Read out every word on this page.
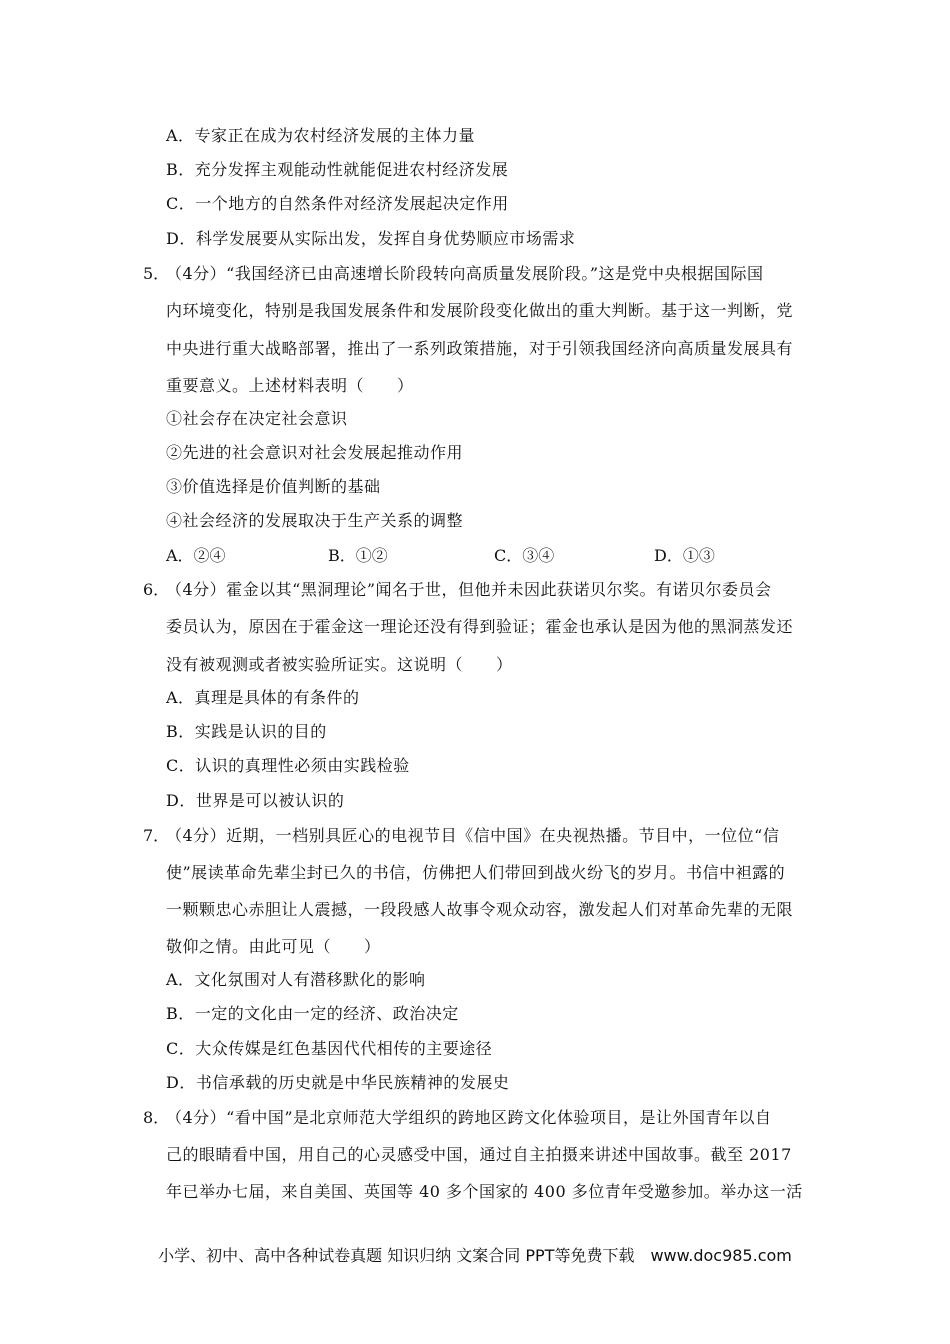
A．专家正在成为农村经济发展的主体力量
B．充分发挥主观能动性就能促进农村经济发展
C．一个地方的自然条件对经济发展起决定作用
D．科学发展要从实际出发，发挥自身优势顺应市场需求
5．
（4分）“我国经济已由高速增长阶段转向高质量发展阶段。”这是党中央根据国际国
内环境变化，特别是我国发展条件和发展阶段变化做出的重大判断。基于这一判断，党
中央进行重大战略部署，推出了一系列政策措施，对于引领我国经济向高质量发展具有
重要意义。上述材料表明（　　）
①社会存在决定社会意识
②先进的社会意识对社会发展起推动作用
③价值选择是价值判断的基础
④社会经济的发展取决于生产关系的调整
A．②④	B．①②	C．③④	D．①③
6．
（4分）霍金以其“黑洞理论”闻名于世，但他并未因此获诺贝尔奖。有诺贝尔委员会
委员认为，原因在于霍金这一理论还没有得到验证；霍金也承认是因为他的黑洞蒸发还
没有被观测或者被实验所证实。这说明（　　）
A．真理是具体的有条件的
B．实践是认识的目的
C．认识的真理性必须由实践检验
D．世界是可以被认识的
7．
（4分）近期，一档别具匠心的电视节目《信中国》在央视热播。节目中，一位位“信
使”展读革命先辈尘封已久的书信，仿佛把人们带回到战火纷飞的岁月。书信中袒露的
一颗颗忠心赤胆让人震撼，一段段感人故事令观众动容，激发起人们对革命先辈的无限
敬仰之情。由此可见（　　）
A．文化氛围对人有潜移默化的影响
B．一定的文化由一定的经济、政治决定
C．大众传媒是红色基因代代相传的主要途径
D．书信承载的历史就是中华民族精神的发展史
8．
（4分）“看中国”是北京师范大学组织的跨地区跨文化体验项目，是让外国青年以自
己的眼睛看中国，用自己的心灵感受中国，通过自主拍摄来讲述中国故事。截至 2017
年已举办七届，来自美国、英国等 40 多个国家的 400 多位青年受邀参加。举办这一活
小学、初中、高中各种试卷真题 知识归纳 文案合同 PPT等免费下载　www.doc985.com
